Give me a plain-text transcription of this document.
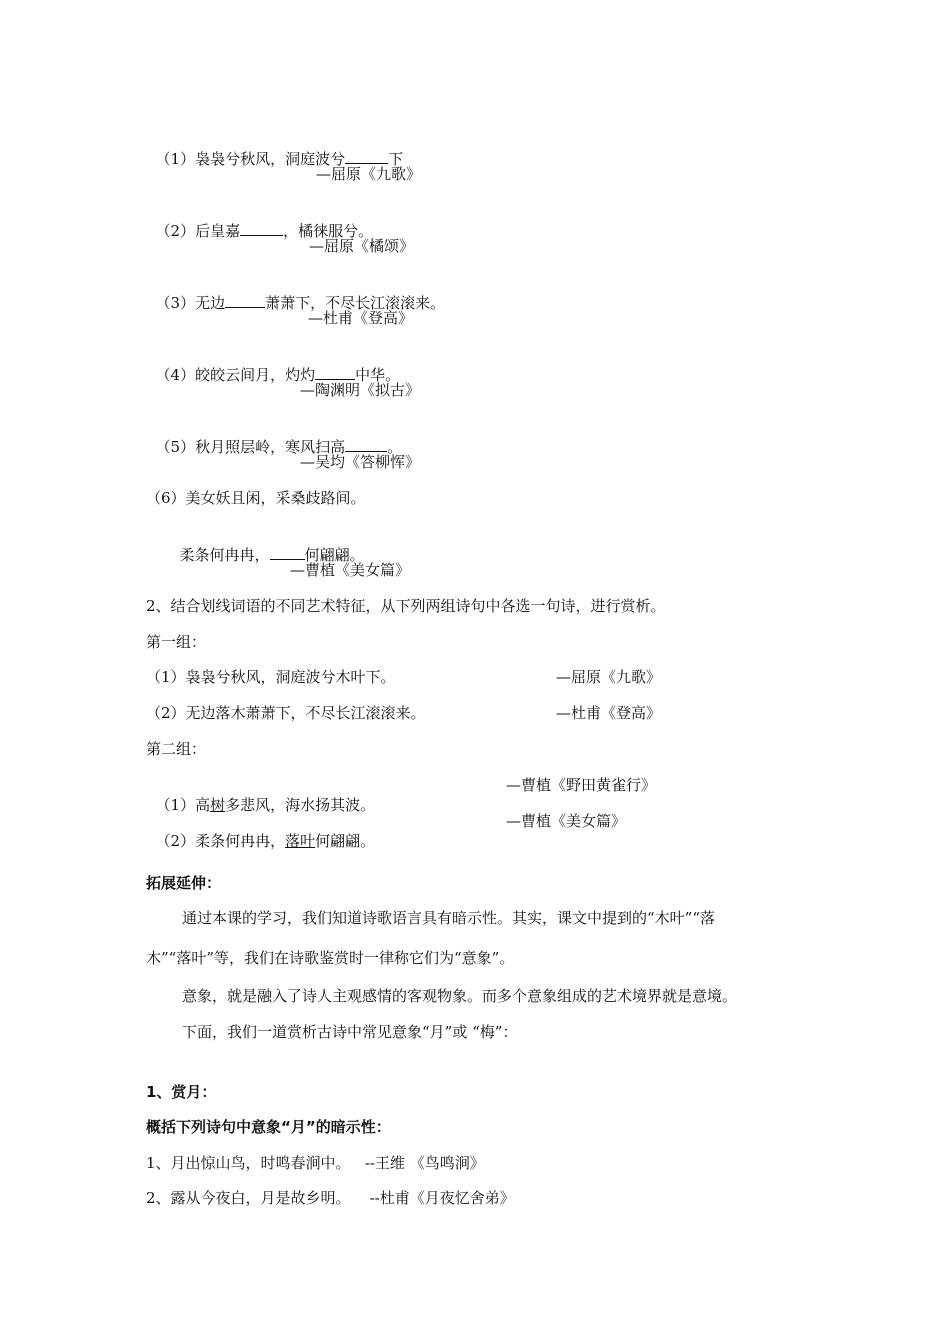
（1）袅袅兮秋风，洞庭波兮	下

—屈原《九歌》

（2）后皇嘉	，橘徕服兮。

—屈原《橘颂》

（3）无边	萧萧下，不尽长江滚滚来。

—杜甫《登高》

（4）皎皎云间月，灼灼	中华。

—陶渊明《拟古》

（5）秋月照层岭，寒风扫高	。

—吴均《答柳恽》
（6）美女妖且闲，采桑歧路间。

柔条何冉冉， 何翩翩。

—曹植《美女篇》
2、结合划线词语的不同艺术特征，从下列两组诗句中各选一句诗，进行赏析。
第一组：
（1）袅袅兮秋风，洞庭波兮木叶下。	—屈原《九歌》
（2）无边落木萧萧下，不尽长江滚滚来。	—杜甫《登高》
第二组：

（1）高树多悲风，海水扬其波。

—曹植《野田黄雀行》

（2）柔条何冉冉，落叶何翩翩。

—曹植《美女篇》
拓展延伸：
通过本课的学习，我们知道诗歌语言具有暗示性。其实，课文中提到的“木叶”“落
木”“落叶”等，我们在诗歌鉴赏时一律称它们为“意象”。
意象，就是融入了诗人主观感情的客观物象。而多个意象组成的艺术境界就是意境。
下面，我们一道赏析古诗中常见意象“月”或 “梅”：
1、赏月：
概括下列诗句中意象“月”的暗示性：
1、月出惊山鸟，时鸣春涧中。   --王维 《鸟鸣涧》
2、露从今夜白，月是故乡明。    --杜甫《月夜忆舍弟》
